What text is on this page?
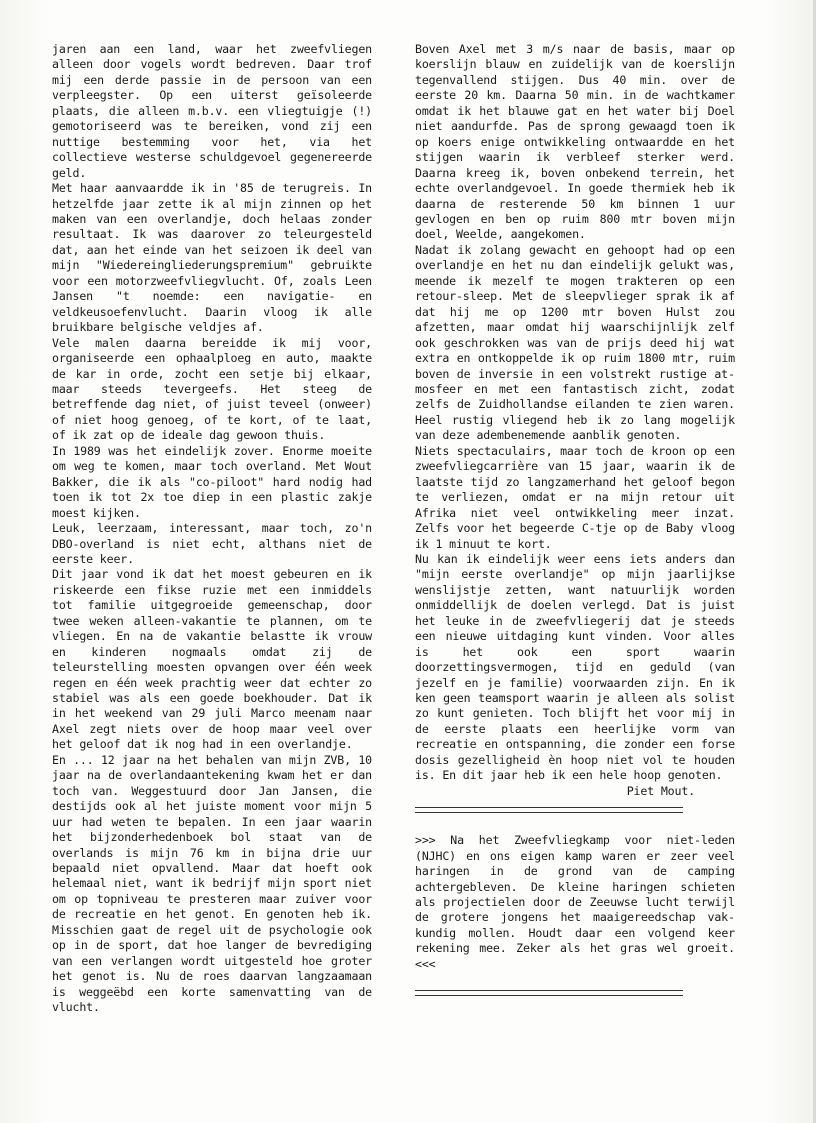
jaren aan een land, waar het zweefvliegen alleen door vogels wordt bedreven. Daar trof mij een derde passie in de persoon van een verpleegster. Op een uiterst geïsoleerde plaats, die alleen m.b.v. een vliegtuigje (!) gemotoriseerd was te bereiken, vond zij een nuttige bestemming voor het, via het collectieve westerse schuldgevoel gegenereerde geld.

Met haar aanvaardde ik in '85 de terugreis. In hetzelfde jaar zette ik al mijn zinnen op het maken van een overlandje, doch helaas zonder resultaat. Ik was daarover zo teleurgesteld dat, aan het einde van het seizoen ik deel van mijn "Wiedereingliederungspremium" gebruikte voor een motorzweefvliegvlucht. Of, zoals Leen Jansen "t noemde: een navigatie- en veldkeusoefenvlucht. Daarin vloog ik alle bruikbare belgische veldjes af.

Vele malen daarna bereidde ik mij voor, organiseerde een ophaalploeg en auto, maakte de kar in orde, zocht een setje bij elkaar, maar steeds tevergeefs. Het steeg de betreffende dag niet, of juist teveel (onweer) of niet hoog genoeg, of te kort, of te laat, of ik zat op de ideale dag gewoon thuis.

In 1989 was het eindelijk zover. Enorme moeite om weg te komen, maar toch overland. Met Wout Bakker, die ik als "co-piloot" hard nodig had toen ik tot 2x toe diep in een plastic zakje moest kijken.

Leuk, leerzaam, interessant, maar toch, zo'n DBO-overland is niet echt, althans niet de eerste keer.

Dit jaar vond ik dat het moest gebeuren en ik riskeerde een fikse ruzie met een inmiddels tot familie uitgegroeide gemeenschap, door twee weken alleen-vakantie te plannen, om te vliegen. En na de vakantie belastte ik vrouw en kinderen nogmaals omdat zij de teleurstelling moesten opvangen over één week regen en één week prachtig weer dat echter zo stabiel was als een goede boekhouder. Dat ik in het weekend van 29 juli Marco meenam naar Axel zegt niets over de hoop maar veel over het geloof dat ik nog had in een overlandje.

En ... 12 jaar na het behalen van mijn ZVB, 10 jaar na de overlandaantekening kwam het er dan toch van. Weggestuurd door Jan Jansen, die destijds ook al het juiste moment voor mijn 5 uur had weten te bepalen. In een jaar waarin het bijzonderhedenboek bol staat van de overlands is mijn 76 km in bijna drie uur bepaald niet opvallend. Maar dat hoeft ook helemaal niet, want ik bedrijf mijn sport niet om op topniveau te presteren maar zuiver voor de recreatie en het genot. En genoten heb ik. Misschien gaat de regel uit de psychologie ook op in de sport, dat hoe langer de bevrediging van een verlangen wordt uitgesteld hoe groter het genot is. Nu de roes daarvan langzaamaan is weggeëbd een korte samenvatting van de vlucht.

Boven Axel met 3 m/s naar de basis, maar op koerslijn blauw en zuidelijk van de koerslijn tegenvallend stijgen. Dus 40 min. over de eerste 20 km. Daarna 50 min. in de wachtkamer omdat ik het blauwe gat en het water bij Doel niet aandurfde. Pas de sprong gewaagd toen ik op koers enige ontwikkeling ontwaardde en het stijgen waarin ik verbleef sterker werd. Daarna kreeg ik, boven onbekend terrein, het echte overlandgevoel. In goede thermiek heb ik daarna de resterende 50 km binnen 1 uur gevlogen en ben op ruim 800 mtr boven mijn doel, Weelde, aangekomen.

Nadat ik zolang gewacht en gehoopt had op een overlandje en het nu dan eindelijk gelukt was, meende ik mezelf te mogen trakteren op een retour-sleep. Met de sleepvlieger sprak ik af dat hij me op 1200 mtr boven Hulst zou afzetten, maar omdat hij waarschijnlijk zelf ook geschrokken was van de prijs deed hij wat extra en ontkoppelde ik op ruim 1800 mtr, ruim boven de inversie in een volstrekt rustige atmosfeer en met een fantastisch zicht, zodat zelfs de Zuidhollandse eilanden te zien waren. Heel rustig vliegend heb ik zo lang mogelijk van deze adembenemende aanblik genoten.

Niets spectaculairs, maar toch de kroon op een zweefvliegcarrière van 15 jaar, waarin ik de laatste tijd zo langzamerhand het geloof begon te verliezen, omdat er na mijn retour uit Afrika niet veel ontwikkeling meer inzat. Zelfs voor het begeerde C-tje op de Baby vloog ik 1 minuut te kort.

Nu kan ik eindelijk weer eens iets anders dan "mijn eerste overlandje" op mijn jaarlijkse wenslijstje zetten, want natuurlijk worden onmiddellijk de doelen verlegd. Dat is juist het leuke in de zweefvliegerij dat je steeds een nieuwe uitdaging kunt vinden. Voor alles is het ook een sport waarin doorzettingsvermogen, tijd en geduld (van jezelf en je familie) voorwaarden zijn. En ik ken geen teamsport waarin je alleen als solist zo kunt genieten. Toch blijft het voor mij in de eerste plaats een heerlijke vorm van recreatie en ontspanning, die zonder een forse dosis gezelligheid èn hoop niet vol te houden is. En dit jaar heb ik een hele hoop genoten.

Piet Mout.

>>> Na het Zweefvliegkamp voor niet-leden (NJHC) en ons eigen kamp waren er zeer veel haringen in de grond van de camping achtergebleven. De kleine haringen schieten als projectielen door de Zeeuwse lucht terwijl de grotere jongens het maaigereedschap vakkundig mollen. Houdt daar een volgend keer rekening mee. Zeker als het gras wel groeit. <<<
